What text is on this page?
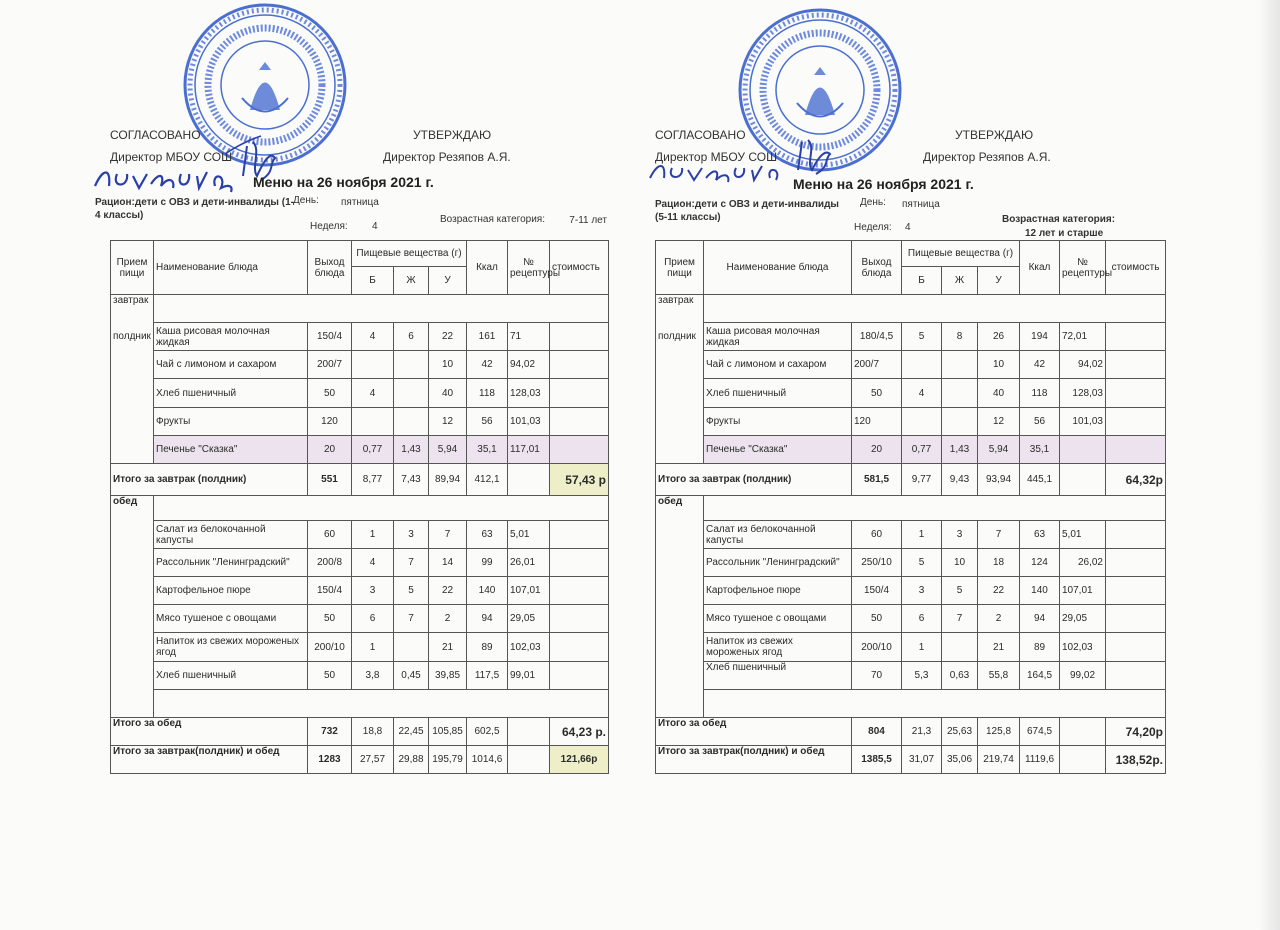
СОГЛАСОВАНО
Директор МБОУ СОШ
УТВЕРЖДАЮ
Директор Резяпов А.Я.
Меню на 26 ноября 2021 г.
Рацион:дети с ОВЗ и дети-инвалиды (1-4 классы)
День: пятница
Неделя: 4
Возрастная категория:	7-11 лет
Прием пищи	Наименование блюда	Выход блюда	Пищевые вещества (г)			Ккал	№ рецептуры	стоимость
			Б	Ж	У			
завтрак								
полдник	Каша рисовая молочная жидкая	150/4	4	6	22	161	71	
	Чай с лимоном и сахаром	200/7			10	42	94,02	
	Хлеб пшеничный	50	4		40	118	128,03	
	Фрукты	120			12	56	101,03	
	Печенье "Сказка"	20	0,77	1,43	5,94	35,1	117,01	
Итого за завтрак (полдник)		551	8,77	7,43	89,94	412,1		57,43 р
обед								
	Салат из белокочанной капусты	60	1	3	7	63	5,01	
	Рассольник "Ленинградский"	200/8	4	7	14	99	26,01	
	Картофельное пюре	150/4	3	5	22	140	107,01	
	Мясо тушеное с овощами	50	6	7	2	94	29,05	
	Напиток из свежих мороженых ягод	200/10	1		21	89	102,03	
	Хлеб пшеничный	50	3,8	0,45	39,85	117,5	99,01	

Итого за обед		732	18,8	22,45	105,85	602,5		64,23 р.
Итого за завтрак(полдник) и обед		1283	27,57	29,88	195,79	1014,6		121,66р
СОГЛАСОВАНО
Директор МБОУ СОШ
УТВЕРЖДАЮ
Директор Резяпов А.Я.
Меню на 26 ноября 2021 г.
Рацион:дети с ОВЗ и дети-инвалиды (5-11 классы)
День: пятница
Неделя: 4
Возрастная категория:
12 лет и старше
Прием пищи	Наименование блюда	Выход блюда	Пищевые вещества (г)			Ккал	№ рецептуры	стоимость
			Б	Ж	У			
завтрак								
полдник	Каша рисовая молочная жидкая	180/4,5	5	8	26	194	72,01	
	Чай с лимоном и сахаром	200/7			10	42	94,02	
	Хлеб пшеничный	50	4		40	118	128,03	
	Фрукты	120			12	56	101,03	
	Печенье "Сказка"	20	0,77	1,43	5,94	35,1		
Итого за завтрак (полдник)		581,5	9,77	9,43	93,94	445,1		64,32р
обед								
	Салат из белокочанной капусты	60	1	3	7	63	5,01	
	Рассольник "Ленинградский"	250/10	5	10	18	124	26,02	
	Картофельное пюре	150/4	3	5	22	140	107,01	
	Мясо тушеное с овощами	50	6	7	2	94	29,05	
	Напиток из свежих мороженых ягод	200/10	1		21	89	102,03	
	Хлеб пшеничный	70	5,3	0,63	55,8	164,5	99,02	

Итого за обед		804	21,3	25,63	125,8	674,5		74,20р
Итого за завтрак(полдник) и обед		1385,5	31,07	35,06	219,74	1119,6		138,52р.
